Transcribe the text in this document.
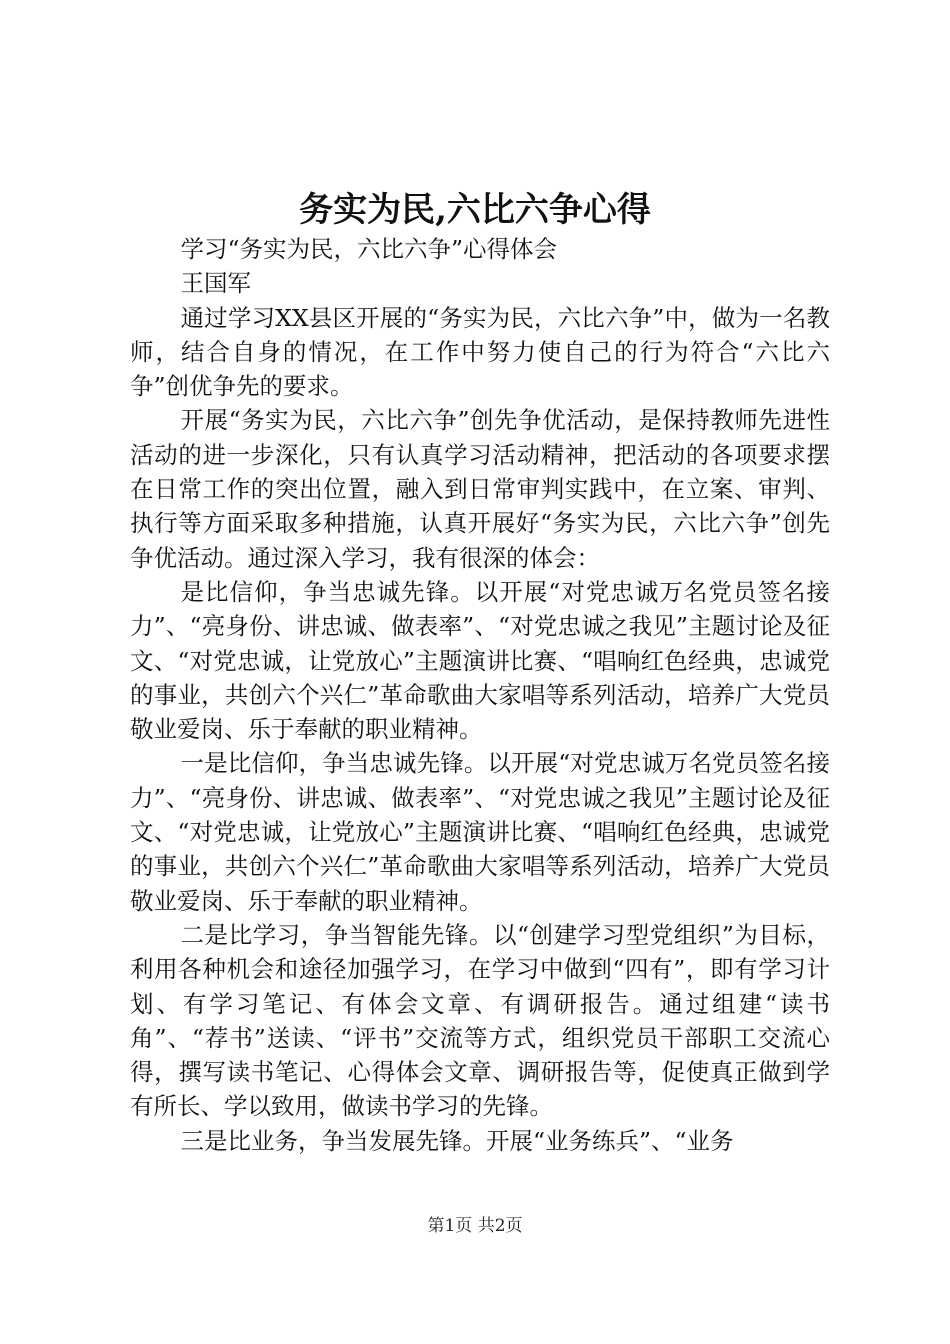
务实为民,六比六争心得

学习“务实为民，六比六争”心得体会

王国军

通过学习XX县区开展的“务实为民，六比六争”中，做为一名教师，结合自身的情况，在工作中努力使自己的行为符合“六比六争”创优争先的要求。

开展“务实为民，六比六争”创先争优活动，是保持教师先进性活动的进一步深化，只有认真学习活动精神，把活动的各项要求摆在日常工作的突出位置，融入到日常审判实践中，在立案、审判、执行等方面采取多种措施，认真开展好“务实为民，六比六争”创先争优活动。通过深入学习，我有很深的体会：

是比信仰，争当忠诚先锋。以开展“对党忠诚万名党员签名接力”、“亮身份、讲忠诚、做表率”、“对党忠诚之我见”主题讨论及征文、“对党忠诚，让党放心”主题演讲比赛、“唱响红色经典，忠诚党的事业，共创六个兴仁”革命歌曲大家唱等系列活动，培养广大党员敬业爱岗、乐于奉献的职业精神。

一是比信仰，争当忠诚先锋。以开展“对党忠诚万名党员签名接力”、“亮身份、讲忠诚、做表率”、“对党忠诚之我见”主题讨论及征文、“对党忠诚，让党放心”主题演讲比赛、“唱响红色经典，忠诚党的事业，共创六个兴仁”革命歌曲大家唱等系列活动，培养广大党员敬业爱岗、乐于奉献的职业精神。

二是比学习，争当智能先锋。以“创建学习型党组织”为目标，利用各种机会和途径加强学习，在学习中做到“四有”，即有学习计划、有学习笔记、有体会文章、有调研报告。通过组建“读书角”、“荐书”送读、“评书”交流等方式，组织党员干部职工交流心得，撰写读书笔记、心得体会文章、调研报告等，促使真正做到学有所长、学以致用，做读书学习的先锋。

三是比业务，争当发展先锋。开展“业务练兵”、“业务

第1页 共2页
